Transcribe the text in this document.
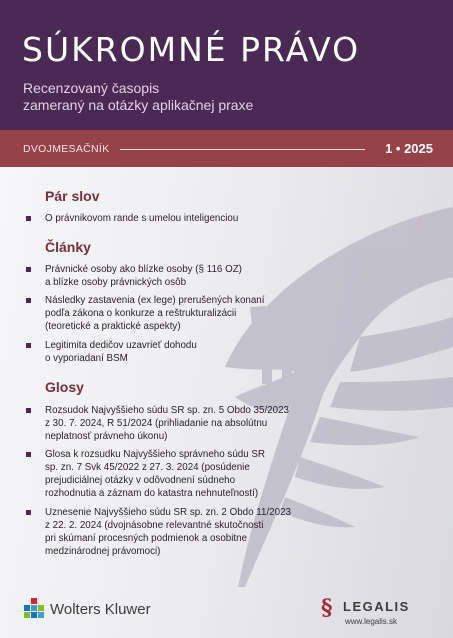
SÚKROMNÉ PRÁVO
Recenzovaný časopis
zameraný na otázky aplikačnej praxe
DVOJMESAČNÍK	1 • 2025
Pár slov
O právnikovom rande s umelou inteligenciou
Články
Právnické osoby ako blízke osoby (§ 116 OZ)
a blízke osoby právnických osôb
Následky zastavenia (ex lege) prerušených konaní
podľa zákona o konkurze a reštrukturalizácii
(teoretické a praktické aspekty)
Legitimita dedičov uzavrieť dohodu
o vyporiadaní BSM
Glosy
Rozsudok Najvyššieho súdu SR sp. zn. 5 Obdo 35/2023
z 30. 7. 2024, R 51/2024 (prihliadanie na absolútnu
neplatnosť právneho úkonu)
Glosa k rozsudku Najvyššieho správneho súdu SR
sp. zn. 7 Svk 45/2022 z 27. 3. 2024 (posúdenie
prejudiciálnej otázky v odôvodnení súdneho
rozhodnutia a záznam do katastra nehnuteľností)
Uznesenie Najvyššieho súdu SR sp. zn. 2 Obdo 11/2023
z 22. 2. 2024 (dvojnásobne relevantné skutočnosti
pri skúmaní procesných podmienok a osobitne
medzinárodnej právomoci)
Wolters Kluwer	§ LEGALIS
www.legalis.sk
